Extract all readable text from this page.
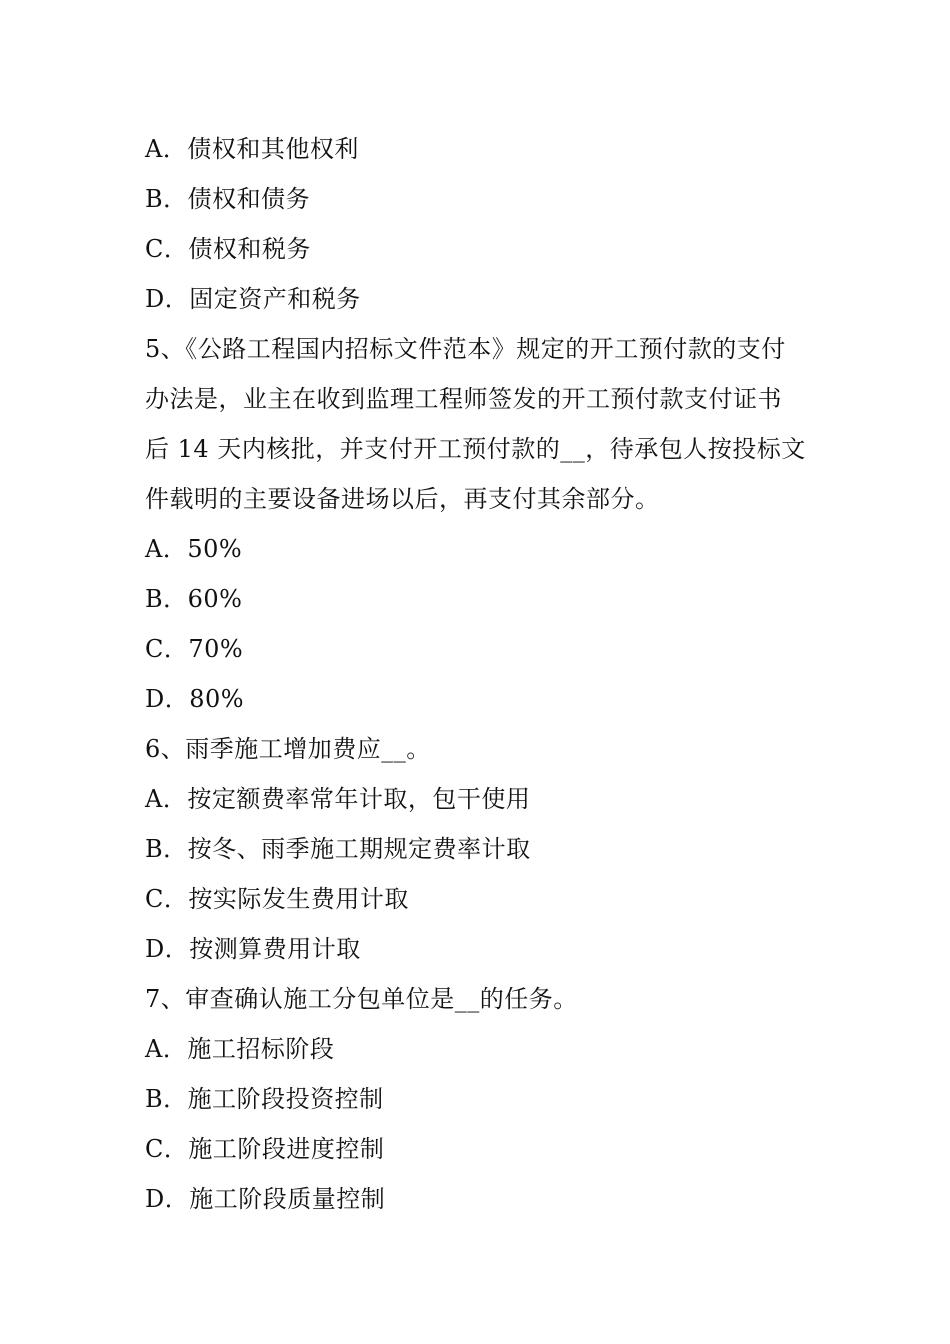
A．债权和其他权利
B．债权和债务
C．债权和税务
D．固定资产和税务
5、《公路工程国内招标文件范本》规定的开工预付款的支付
办法是，业主在收到监理工程师签发的开工预付款支付证书
后 14 天内核批，并支付开工预付款的__，待承包人按投标文
件载明的主要设备进场以后，再支付其余部分。
A．50%
B．60%
C．70%
D．80%
6、雨季施工增加费应__。
A．按定额费率常年计取，包干使用
B．按冬、雨季施工期规定费率计取
C．按实际发生费用计取
D．按测算费用计取
7、审查确认施工分包单位是__的任务。
A．施工招标阶段
B．施工阶段投资控制
C．施工阶段进度控制
D．施工阶段质量控制
